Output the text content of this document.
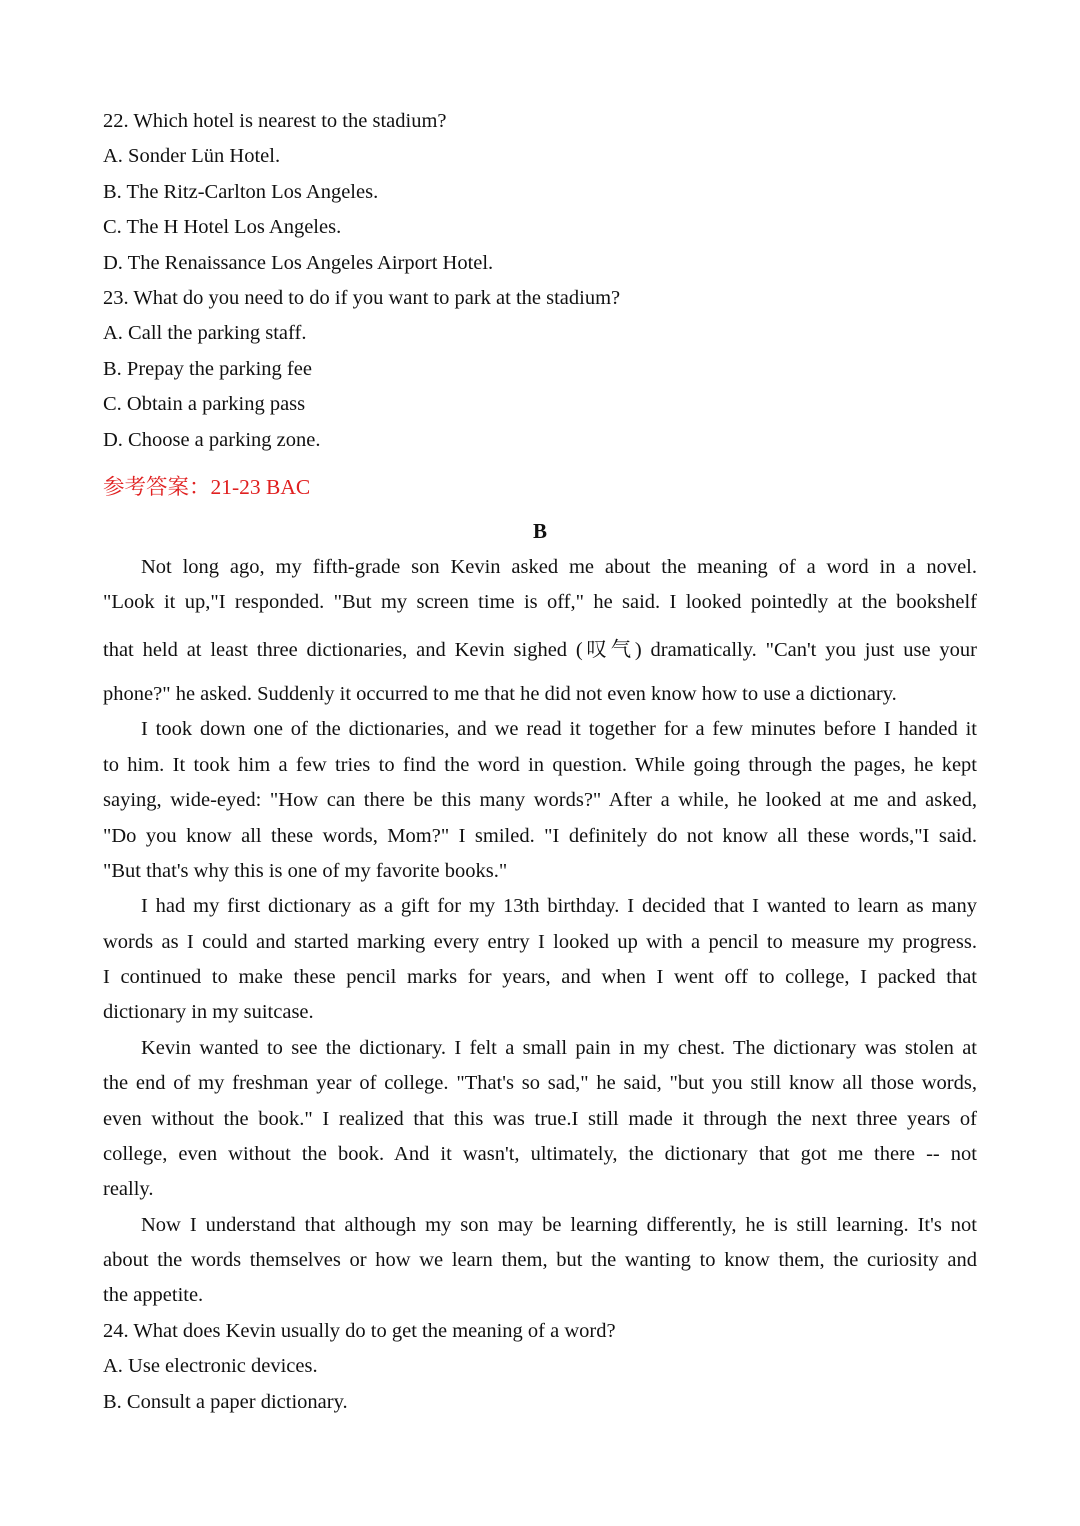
22. Which hotel is nearest to the stadium?
A. Sonder Lün Hotel.
B. The Ritz-Carlton Los Angeles.
C. The H Hotel Los Angeles.
D. The Renaissance Los Angeles Airport Hotel.
23. What do you need to do if you want to park at the stadium?
A. Call the parking staff.
B. Prepay the parking fee
C. Obtain a parking pass
D. Choose a parking zone.
参考答案：21-23 BAC
B
Not long ago, my fifth-grade son Kevin asked me about the meaning of a word in a novel.
"Look it up,"I responded. "But my screen time is off," he said. I looked pointedly at the bookshelf
that held at least three dictionaries, and Kevin sighed (叹气) dramatically. "Can't you just use your
phone?" he asked. Suddenly it occurred to me that he did not even know how to use a dictionary.
I took down one of the dictionaries, and we read it together for a few minutes before I handed it
to him. It took him a few tries to find the word in question. While going through the pages, he kept
saying, wide-eyed: "How can there be this many words?" After a while, he looked at me and asked,
"Do you know all these words, Mom?" I smiled. "I definitely do not know all these words,"I said.
"But that's why this is one of my favorite books."
I had my first dictionary as a gift for my 13th birthday. I decided that I wanted to learn as many
words as I could and started marking every entry I looked up with a pencil to measure my progress.
I continued to make these pencil marks for years, and when I went off to college, I packed that
dictionary in my suitcase.
Kevin wanted to see the dictionary. I felt a small pain in my chest. The dictionary was stolen at
the end of my freshman year of college. "That's so sad," he said, "but you still know all those words,
even without the book." I realized that this was true.I still made it through the next three years of
college, even without the book. And it wasn't, ultimately, the dictionary that got me there -- not
really.
Now I understand that although my son may be learning differently, he is still learning. It's not
about the words themselves or how we learn them, but the wanting to know them, the curiosity and
the appetite.
24. What does Kevin usually do to get the meaning of a word?
A. Use electronic devices.
B. Consult a paper dictionary.
